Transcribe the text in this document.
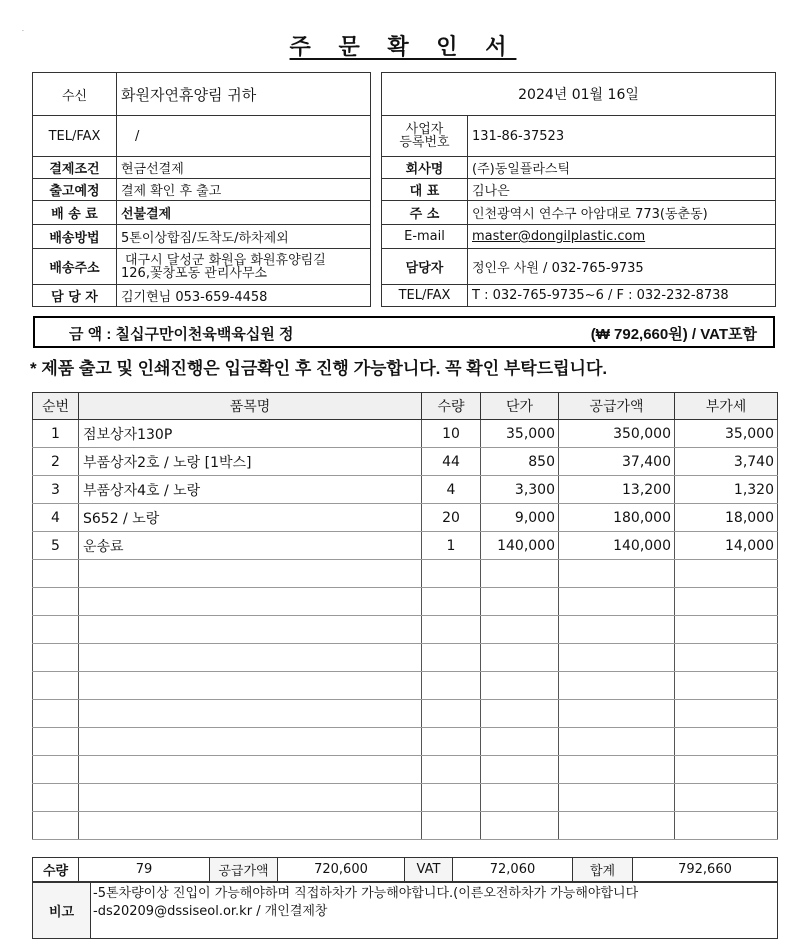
.
주 문 확 인 서
수신	화원자연휴양림 귀하
TEL/FAX	/
결제조건	현금선결제
출고예정	결제 확인 후 출고
배 송 료	선불결제
배송방법	5톤이상합짐/도착도/하차제외
배송주소	대구시 달성군 화원읍 화원휴양림길
126,꽃창포동 관리사무소

담 당 자	김기현님 053-659-4458
2024년 01월 16일	

사업자
등록번호	131-86-37523
회사명	(주)동일플라스틱
대 표	김나은
주 소	인천광역시 연수구 아암대로 773(동춘동)
E-mail	master@dongilplastic.com
담당자	정인우 사원 / 032-765-9735
TEL/FAX	T : 032-765-9735~6 / F : 032-232-8738
금 액 : 칠십구만이천육백육십원 정	(₩ 792,660원) / VAT포함
* 제품 출고 및 인쇄진행은 입금확인 후 진행 가능합니다. 꼭 확인 부탁드립니다.
순번	품목명	수량	단가	공급가액	부가세
1	점보상자130P	10	35,000	350,000	35,000
2	부품상자2호 / 노랑 [1박스]	44	850	37,400	3,740
3	부품상자4호 / 노랑	4	3,300	13,200	1,320
4	S652 / 노랑	20	9,000	180,000	18,000
5	운송료	1	140,000	140,000	14,000

수량	79	공급가액	720,600	VAT	72,060	합계	792,660
비고	
-5톤차량이상 진입이 가능해야하며 직접하차가 가능해야합니다.(이른오전하차가 가능해야합니다
-ds20209@dssiseol.or.kr / 개인결제창
